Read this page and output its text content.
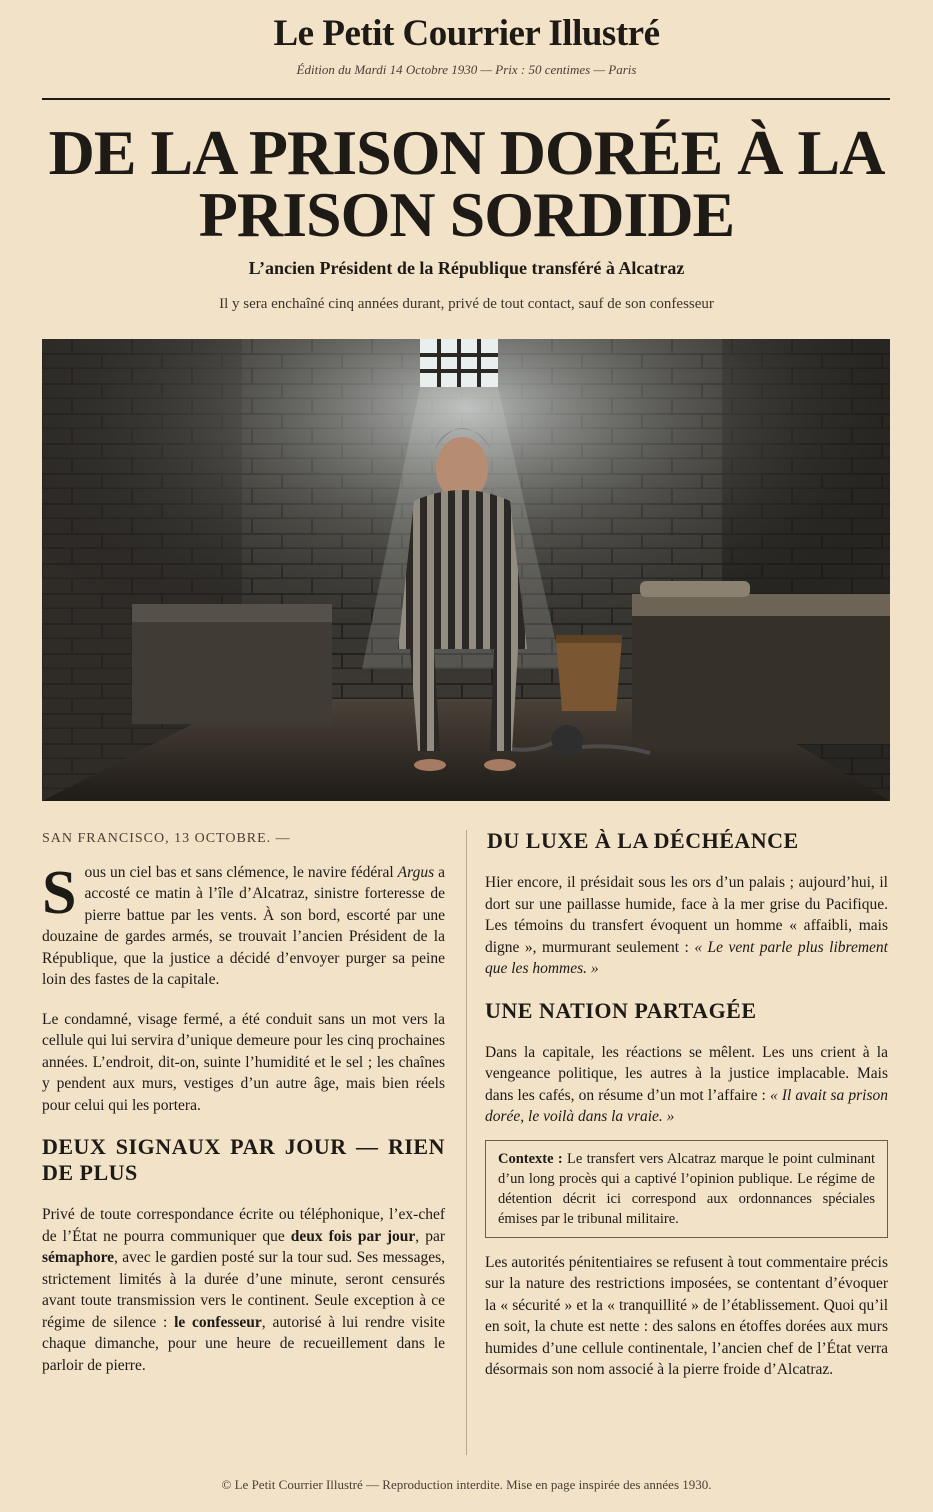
Le Petit Courrier Illustré
Édition du Mardi 14 Octobre 1930 — Prix : 50 centimes — Paris
DE LA PRISON DORÉE À LA PRISON SORDIDE
L’ancien Président de la République transféré à Alcatraz
Il y sera enchaîné cinq années durant, privé de tout contact, sauf de son confesseur
SAN FRANCISCO, 13 OCTOBRE. —

Sous un ciel bas et sans clémence, le navire fédéral Argus a accosté ce matin à l’île d’Alcatraz, sinistre forteresse de pierre battue par les vents. À son bord, escorté par une douzaine de gardes armés, se trouvait l’ancien Président de la République, que la justice a décidé d’envoyer purger sa peine loin des fastes de la capitale.

Le condamné, visage fermé, a été conduit sans un mot vers la cellule qui lui servira d’unique demeure pour les cinq prochaines années. L’endroit, dit-on, suinte l’humidité et le sel ; les chaînes y pendent aux murs, vestiges d’un autre âge, mais bien réels pour celui qui les portera.

DEUX SIGNAUX PAR JOUR — RIEN DE PLUS

Privé de toute correspondance écrite ou téléphonique, l’ex-chef de l’État ne pourra communiquer que deux fois par jour, par sémaphore, avec le gardien posté sur la tour sud. Ses messages, strictement limités à la durée d’une minute, seront censurés avant toute transmission vers le continent. Seule exception à ce régime de silence : le confesseur, autorisé à lui rendre visite chaque dimanche, pour une heure de recueillement dans le parloir de pierre.

DU LUXE À LA DÉCHÉANCE

Hier encore, il présidait sous les ors d’un palais ; aujourd’hui, il dort sur une paillasse humide, face à la mer grise du Pacifique. Les témoins du transfert évoquent un homme « affaibli, mais digne », murmurant seulement : « Le vent parle plus librement que les hommes. »

UNE NATION PARTAGÉE

Dans la capitale, les réactions se mêlent. Les uns crient à la vengeance politique, les autres à la justice implacable. Mais dans les cafés, on résume d’un mot l’affaire : « Il avait sa prison dorée, le voilà dans la vraie. »

Contexte : Le transfert vers Alcatraz marque le point culminant d’un long procès qui a captivé l’opinion publique. Le régime de détention décrit ici correspond aux ordonnances spéciales émises par le tribunal militaire.

Les autorités pénitentiaires se refusent à tout commentaire précis sur la nature des restrictions imposées, se contentant d’évoquer la « sécurité » et la « tranquillité » de l’établissement. Quoi qu’il en soit, la chute est nette : des salons en étoffes dorées aux murs humides d’une cellule continentale, l’ancien chef de l’État verra désormais son nom associé à la pierre froide d’Alcatraz.

© Le Petit Courrier Illustré — Reproduction interdite. Mise en page inspirée des années 1930.
